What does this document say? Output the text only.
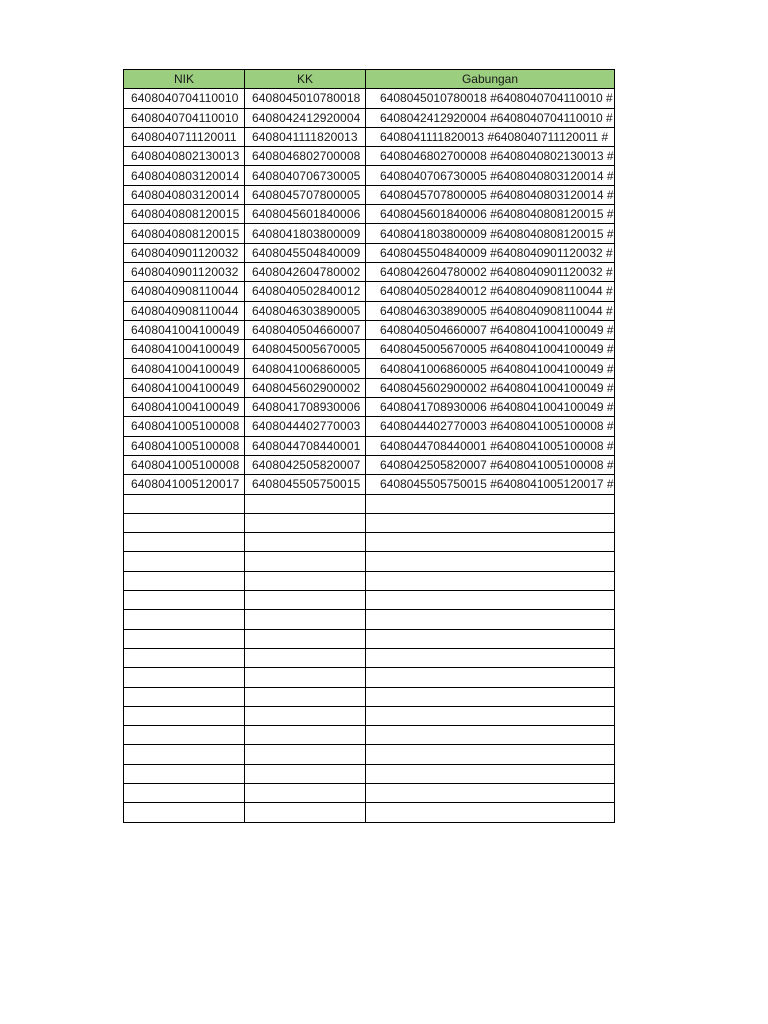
NIK	KK	Gabungan
6408040704110010	6408045010780018	6408045010780018 #6408040704110010 #
6408040704110010	6408042412920004	6408042412920004 #6408040704110010 #
6408040711120011	6408041111820013	6408041111820013 #6408040711120011 #
6408040802130013	6408046802700008	6408046802700008 #6408040802130013 #
6408040803120014	6408040706730005	6408040706730005 #6408040803120014 #
6408040803120014	6408045707800005	6408045707800005 #6408040803120014 #
6408040808120015	6408045601840006	6408045601840006 #6408040808120015 #
6408040808120015	6408041803800009	6408041803800009 #6408040808120015 #
6408040901120032	6408045504840009	6408045504840009 #6408040901120032 #
6408040901120032	6408042604780002	6408042604780002 #6408040901120032 #
6408040908110044	6408040502840012	6408040502840012 #6408040908110044 #
6408040908110044	6408046303890005	6408046303890005 #6408040908110044 #
6408041004100049	6408040504660007	6408040504660007 #6408041004100049 #
6408041004100049	6408045005670005	6408045005670005 #6408041004100049 #
6408041004100049	6408041006860005	6408041006860005 #6408041004100049 #
6408041004100049	6408045602900002	6408045602900002 #6408041004100049 #
6408041004100049	6408041708930006	6408041708930006 #6408041004100049 #
6408041005100008	6408044402770003	6408044402770003 #6408041005100008 #
6408041005100008	6408044708440001	6408044708440001 #6408041005100008 #
6408041005100008	6408042505820007	6408042505820007 #6408041005100008 #
6408041005120017	6408045505750015	6408045505750015 #6408041005120017 #
